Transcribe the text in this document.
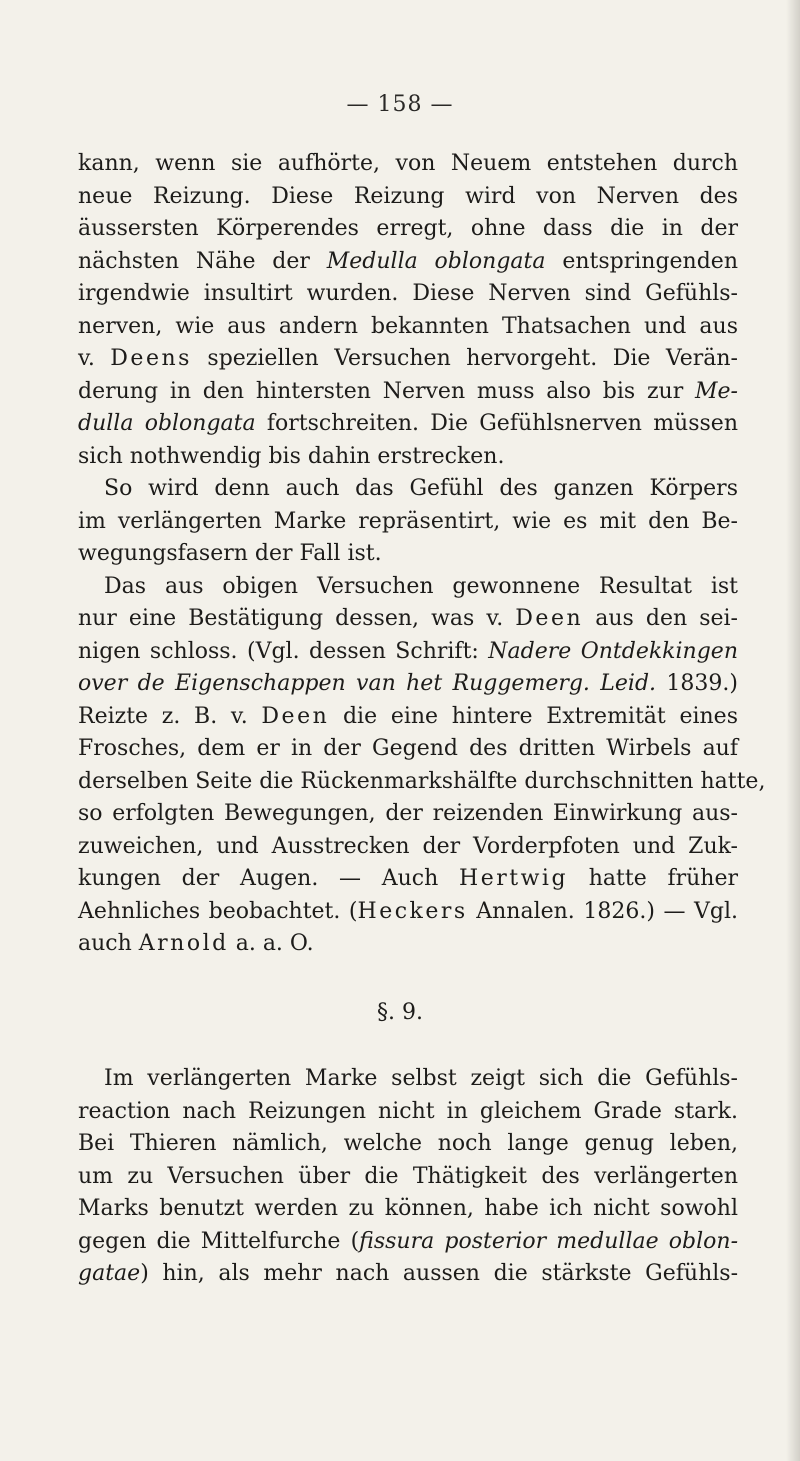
— 158 —
kann, wenn sie aufhörte, von Neuem entstehen durch
neue Reizung. Diese Reizung wird von Nerven des
äussersten Körperendes erregt, ohne dass die in der
nächsten Nähe der Medulla oblongata entspringenden
irgendwie insultirt wurden. Diese Nerven sind Gefühls-
nerven, wie aus andern bekannten Thatsachen und aus
v. Deens speziellen Versuchen hervorgeht. Die Verän-
derung in den hintersten Nerven muss also bis zur Me-
dulla oblongata fortschreiten. Die Gefühlsnerven müssen
sich nothwendig bis dahin erstrecken.
So wird denn auch das Gefühl des ganzen Körpers
im verlängerten Marke repräsentirt, wie es mit den Be-
wegungsfasern der Fall ist.
Das aus obigen Versuchen gewonnene Resultat ist
nur eine Bestätigung dessen, was v. Deen aus den sei-
nigen schloss. (Vgl. dessen Schrift: Nadere Ontdekkingen
over de Eigenschappen van het Ruggemerg. Leid. 1839.)
Reizte z. B. v. Deen die eine hintere Extremität eines
Frosches, dem er in der Gegend des dritten Wirbels auf
derselben Seite die Rückenmarkshälfte durchschnitten hatte,
so erfolgten Bewegungen, der reizenden Einwirkung aus-
zuweichen, und Ausstrecken der Vorderpfoten und Zuk-
kungen der Augen. — Auch Hertwig hatte früher
Aehnliches beobachtet. (Heckers Annalen. 1826.) — Vgl.
auch Arnold a. a. O.
§. 9.
Im verlängerten Marke selbst zeigt sich die Gefühls-
reaction nach Reizungen nicht in gleichem Grade stark.
Bei Thieren nämlich, welche noch lange genug leben,
um zu Versuchen über die Thätigkeit des verlängerten
Marks benutzt werden zu können, habe ich nicht sowohl
gegen die Mittelfurche (fissura posterior medullae oblon-
gatae) hin, als mehr nach aussen die stärkste Gefühls-
